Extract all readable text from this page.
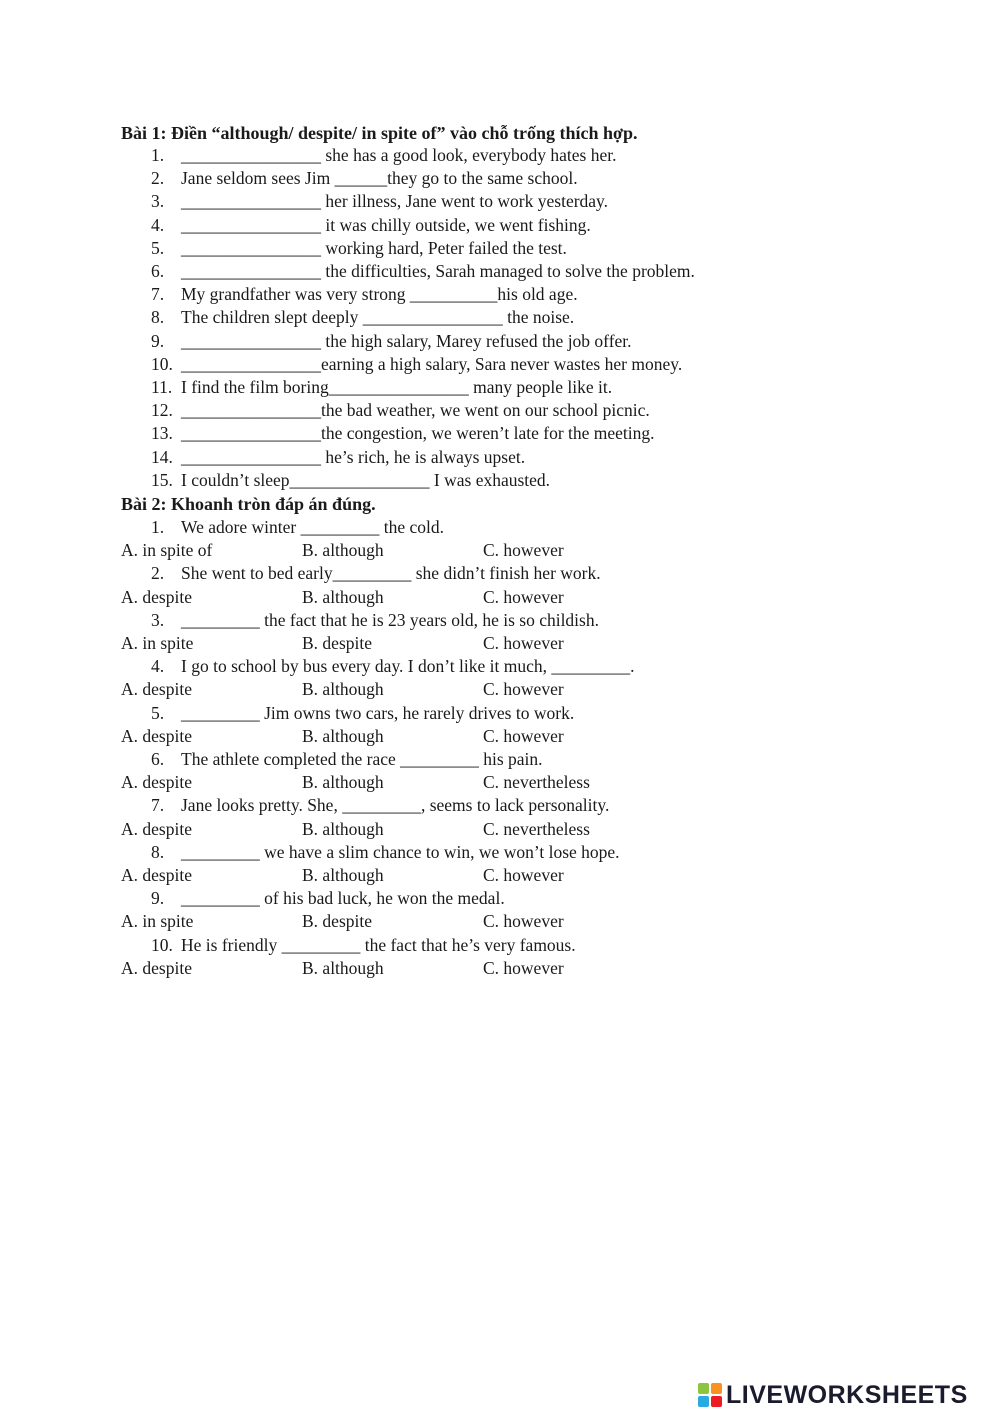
Bài 1: Điền “although/ despite/ in spite of” vào chỗ trống thích hợp.
1. ________________ she has a good look, everybody hates her.
2. Jane seldom sees Jim ______they go to the same school.
3. ________________ her illness, Jane went to work yesterday.
4. ________________ it was chilly outside, we went fishing.
5. ________________ working hard, Peter failed the test.
6. ________________ the difficulties, Sarah managed to solve the problem.
7. My grandfather was very strong __________his old age.
8. The children slept deeply ________________ the noise.
9. ________________ the high salary, Marey refused the job offer.
10. ________________earning a high salary, Sara never wastes her money.
11. I find the film boring________________ many people like it.
12. ________________the bad weather, we went on our school picnic.
13. ________________the congestion, we weren’t late for the meeting.
14. ________________ he’s rich, he is always upset.
15. I couldn’t sleep________________ I was exhausted.
Bài 2: Khoanh tròn đáp án đúng.
1. We adore winter _________ the cold.
A. in spite of	B. although	C. however
2. She went to bed early_________ she didn’t finish her work.
A. despite	B. although	C. however
3. _________ the fact that he is 23 years old, he is so childish.
A. in spite	B. despite	C. however
4. I go to school by bus every day. I don’t like it much, _________.
A. despite	B. although	C. however
5. _________ Jim owns two cars, he rarely drives to work.
A. despite	B. although	C. however
6. The athlete completed the race _________ his pain.
A. despite	B. although	C. nevertheless
7. Jane looks pretty. She, _________, seems to lack personality.
A. despite	B. although	C. nevertheless
8. _________ we have a slim chance to win, we won’t lose hope.
A. despite	B. although	C. however
9. _________ of his bad luck, he won the medal.
A. in spite	B. despite	C. however
10. He is friendly _________ the fact that he’s very famous.
A. despite	B. although	C. however
LIVEWORKSHEETS
